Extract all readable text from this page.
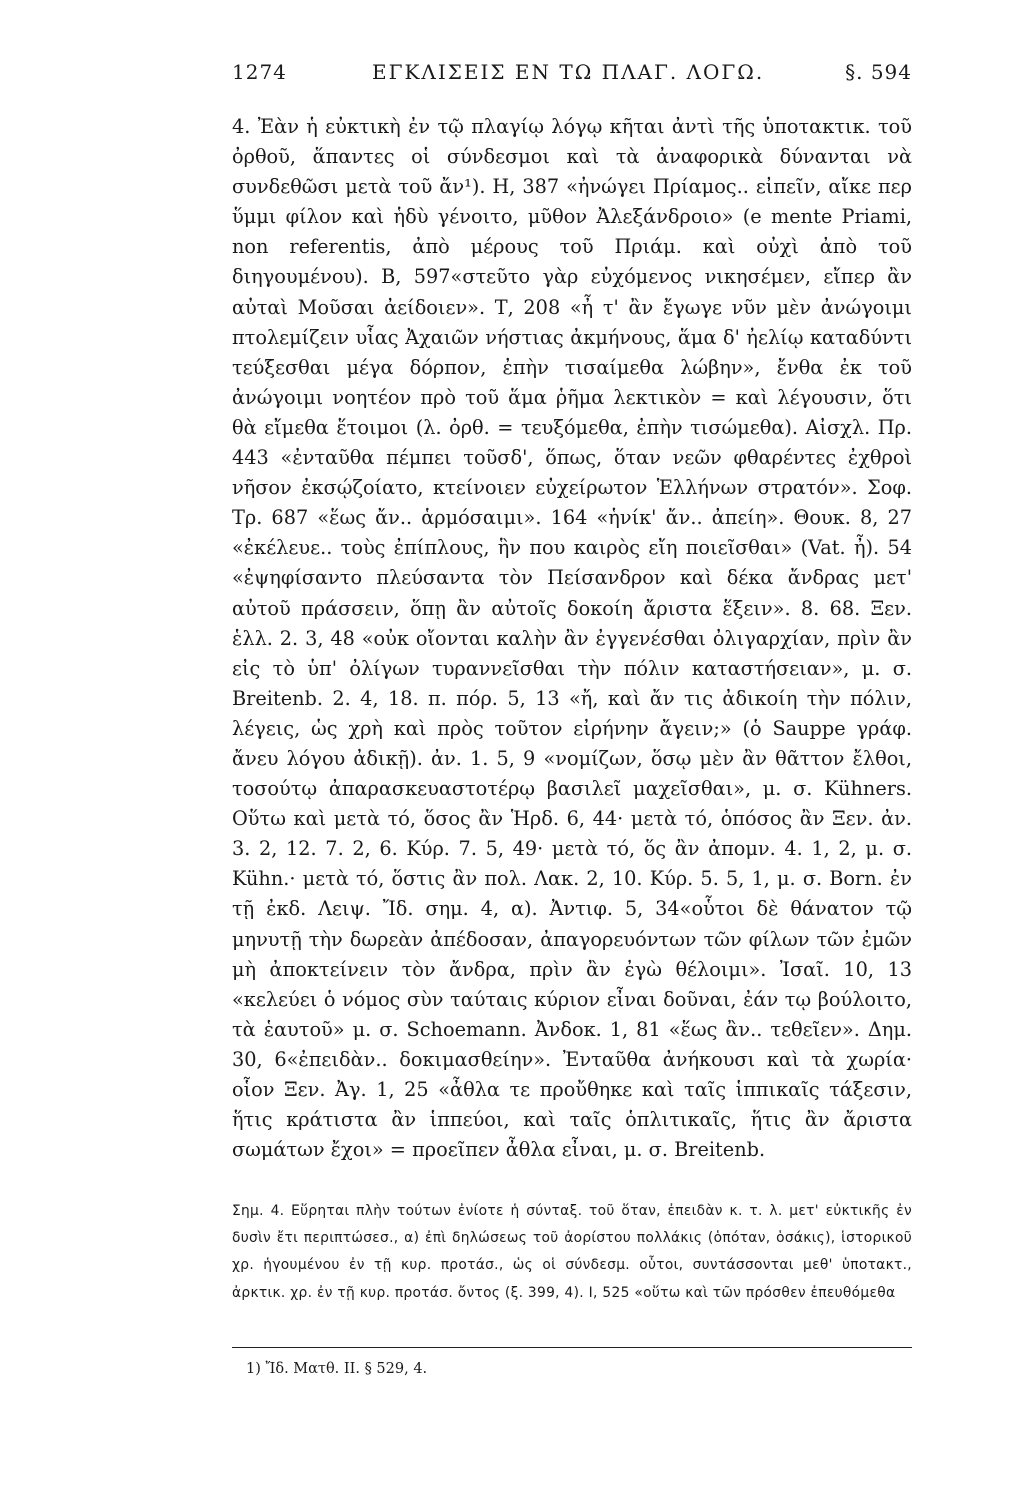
1274	ΕΓΚΛΙΣΕΙΣ ΕΝ ΤΩ ΠΛΑΓ. ΛΟΓΩ.	§. 594

4. Ἐὰν ἡ εὐκτικὴ ἐν τῷ πλαγίῳ λόγῳ κῆται ἀντὶ τῆς ὑποτακτικ. τοῦ ὀρθοῦ, ἅπαντες οἱ σύνδεσμοι καὶ τὰ ἀναφορικὰ δύνανται νὰ συνδεθῶσι μετὰ τοῦ ἄν¹). Η, 387 «ἠνώγει Πρίαμος.. εἰπεῖν, αἴκε περ ὕμμι φίλον καὶ ἡδὺ γένοιτο, μῦθον Ἀλεξάνδροιο» (e mente Priami, non referentis, ἀπὸ μέρους τοῦ Πριάμ. καὶ οὐχὶ ἀπὸ τοῦ διηγουμένου). Β, 597«στεῦτο γὰρ εὐχόμενος νικησέμεν, εἴπερ ἂν αὐταὶ Μοῦσαι ἀείδοιεν». Τ, 208 «ἦ τ' ἂν ἔγωγε νῦν μὲν ἀνώγοιμι πτολεμίζειν υἷας Ἀχαιῶν νήστιας ἀκμήνους, ἅμα δ' ἠελίῳ καταδύντι τεύξεσθαι μέγα δόρπον, ἐπὴν τισαίμεθα λώβην», ἔνθα ἐκ τοῦ ἀνώγοιμι νοητέον πρὸ τοῦ ἅμα ῥῆμα λεκτικὸν = καὶ λέγουσιν, ὅτι θὰ εἴμεθα ἕτοιμοι (λ. ὀρθ. = τευξόμεθα, ἐπὴν τισώμεθα). Αἰσχλ. Πρ. 443 «ἐνταῦθα πέμπει τοῦσδ', ὅπως, ὅταν νεῶν φθαρέντες ἐχθροὶ νῆσον ἐκσῴζοίατο, κτείνοιεν εὐχείρωτον Ἑλλήνων στρατόν». Σοφ. Τρ. 687 «ἕως ἄν.. ἁρμόσαιμι». 164 «ἡνίκ' ἄν.. ἀπείη». Θουκ. 8, 27 «ἐκέλευε.. τοὺς ἐπίπλους, ἣν που καιρὸς εἴη ποιεῖσθαι» (Vat. ἦ). 54 «ἐψηφίσαντο πλεύσαντα τὸν Πείσανδρον καὶ δέκα ἄνδρας μετ' αὐτοῦ πράσσειν, ὅπῃ ἂν αὐτοῖς δοκοίη ἄριστα ἕξειν». 8. 68. Ξεν. ἑλλ. 2. 3, 48 «οὐκ οἴονται καλὴν ἂν ἐγγενέσθαι ὀλιγαρχίαν, πρὶν ἂν εἰς τὸ ὑπ' ὀλίγων τυραννεῖσθαι τὴν πόλιν καταστήσειαν», μ. σ. Breitenb. 2. 4, 18. π. πόρ. 5, 13 «ἤ, καὶ ἄν τις ἀδικοίη τὴν πόλιν, λέγεις, ὡς χρὴ καὶ πρὸς τοῦτον εἰρήνην ἄγειν;» (ὁ Sauppe γράφ. ἄνευ λόγου ἀδικῇ). ἀν. 1. 5, 9 «νομίζων, ὅσῳ μὲν ἂν θᾶττον ἔλθοι, τοσούτῳ ἀπαρασκευαστοτέρῳ βασιλεῖ μαχεῖσθαι», μ. σ. Kühners. Οὕτω καὶ μετὰ τό, ὅσος ἂν Ἡρδ. 6, 44· μετὰ τό, ὁπόσος ἂν Ξεν. ἀν. 3. 2, 12. 7. 2, 6. Κύρ. 7. 5, 49· μετὰ τό, ὅς ἂν ἀπομν. 4. 1, 2, μ. σ. Kühn.· μετὰ τό, ὅστις ἂν πολ. Λακ. 2, 10. Κύρ. 5. 5, 1, μ. σ. Born. ἐν τῇ ἐκδ. Λειψ. Ἴδ. σημ. 4, α). Ἀντιφ. 5, 34«οὗτοι δὲ θάνατον τῷ μηνυτῇ τὴν δωρεὰν ἀπέδοσαν, ἀπαγορευόντων τῶν φίλων τῶν ἐμῶν μὴ ἀποκτείνειν τὸν ἄνδρα, πρὶν ἂν ἐγὼ θέλοιμι». Ἰσαῖ. 10, 13 «κελεύει ὁ νόμος σὺν ταύταις κύριον εἶναι δοῦναι, ἐάν τῳ βούλοιτο, τὰ ἑαυτοῦ» μ. σ. Schoemann. Ἀνδοκ. 1, 81 «ἕως ἂν.. τεθεῖεν». Δημ. 30, 6«ἐπειδὰν.. δοκιμασθείην». Ἐνταῦθα ἀνήκουσι καὶ τὰ χωρία· οἷον Ξεν. Ἀγ. 1, 25 «ἆθλα τε προὔθηκε καὶ ταῖς ἱππικαῖς τάξεσιν, ἥτις κράτιστα ἂν ἱππεύοι, καὶ ταῖς ὁπλιτικαῖς, ἥτις ἂν ἄριστα σωμάτων ἔχοι» = προεῖπεν ἆθλα εἶναι, μ. σ. Breitenb.

Σημ. 4. Εὕρηται πλὴν τούτων ἐνίοτε ἡ σύνταξ. τοῦ ὅταν, ἐπειδὰν κ. τ. λ. μετ' εὐκτικῆς ἐν δυσὶν ἔτι περιπτώσεσ., α) ἐπὶ δηλώσεως τοῦ ἀορίστου πολλάκις (ὁπόταν, ὁσάκις), ἱστορικοῦ χρ. ἡγουμένου ἐν τῇ κυρ. προτάσ., ὡς οἱ σύνδεσμ. οὗτοι, συντάσσονται μεθ' ὑποτακτ., ἀρκτικ. χρ. ἐν τῇ κυρ. προτάσ. ὄντος (ξ. 399, 4). Ι, 525 «οὕτω καὶ τῶν πρόσθεν ἐπευθόμεθα

1) Ἴδ. Ματθ. ΙΙ. § 529, 4.
